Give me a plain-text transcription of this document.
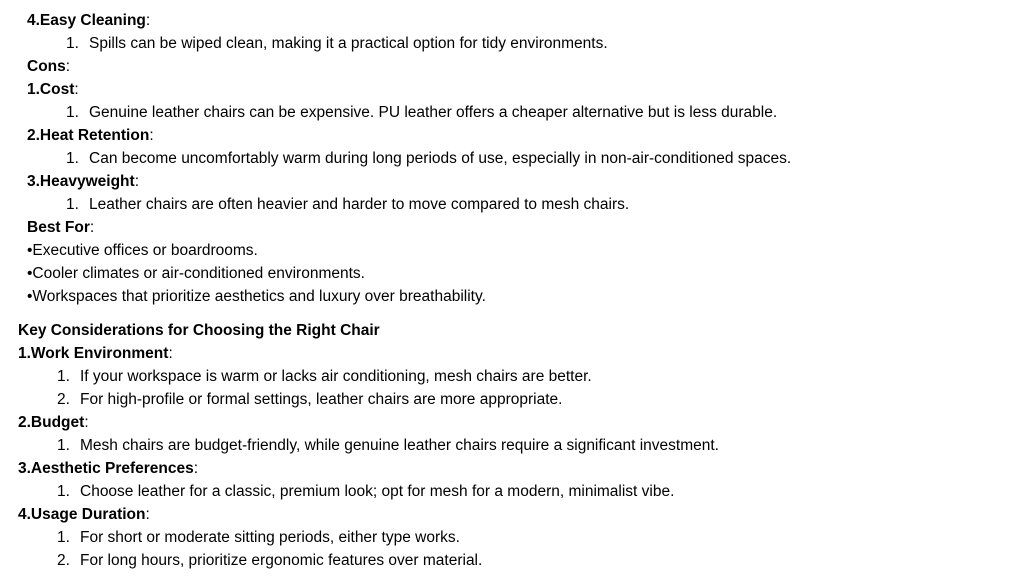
4.Easy Cleaning:
1. Spills can be wiped clean, making it a practical option for tidy environments.
Cons:
1.Cost:
1. Genuine leather chairs can be expensive. PU leather offers a cheaper alternative but is less durable.
2.Heat Retention:
1. Can become uncomfortably warm during long periods of use, especially in non-air-conditioned spaces.
3.Heavyweight:
1. Leather chairs are often heavier and harder to move compared to mesh chairs.
Best For:
•Executive offices or boardrooms.
•Cooler climates or air-conditioned environments.
•Workspaces that prioritize aesthetics and luxury over breathability.
Key Considerations for Choosing the Right Chair
1.Work Environment:
1. If your workspace is warm or lacks air conditioning, mesh chairs are better.
2. For high-profile or formal settings, leather chairs are more appropriate.
2.Budget:
1. Mesh chairs are budget-friendly, while genuine leather chairs require a significant investment.
3.Aesthetic Preferences:
1. Choose leather for a classic, premium look; opt for mesh for a modern, minimalist vibe.
4.Usage Duration:
1. For short or moderate sitting periods, either type works.
2. For long hours, prioritize ergonomic features over material.
